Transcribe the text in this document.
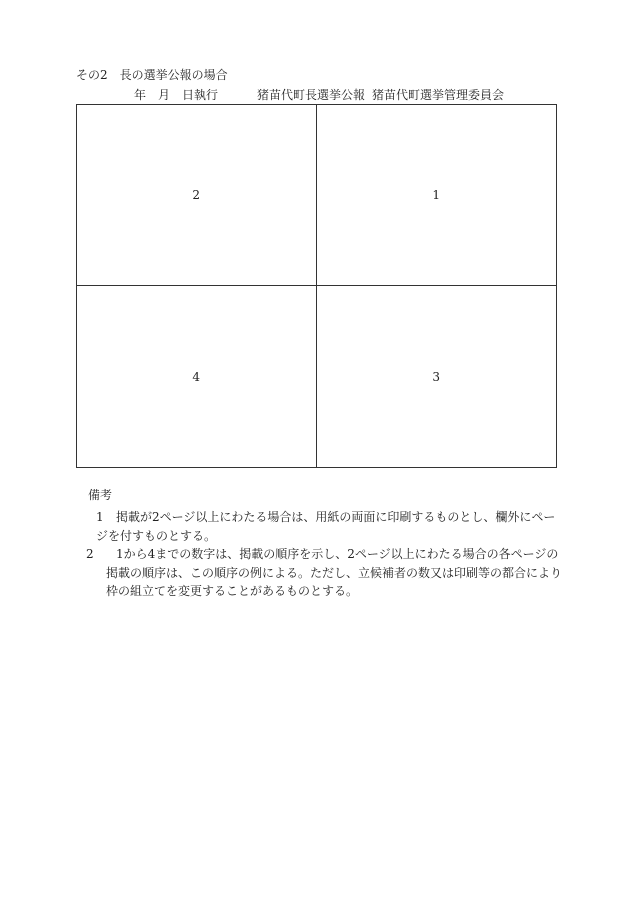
その2　長の選挙公報の場合
年　月　日執行	猪苗代町長選挙公報 猪苗代町選挙管理委員会
2	1
4	3
備考
1 掲載が2ページ以上にわたる場合は、用紙の両面に印刷するものとし、欄外にページを付すものとする。
2 1から4までの数字は、掲載の順序を示し、2ページ以上にわたる場合の各ページの掲載の順序は、この順序の例による。ただし、立候補者の数又は印刷等の都合により枠の組立てを変更することがあるものとする。
